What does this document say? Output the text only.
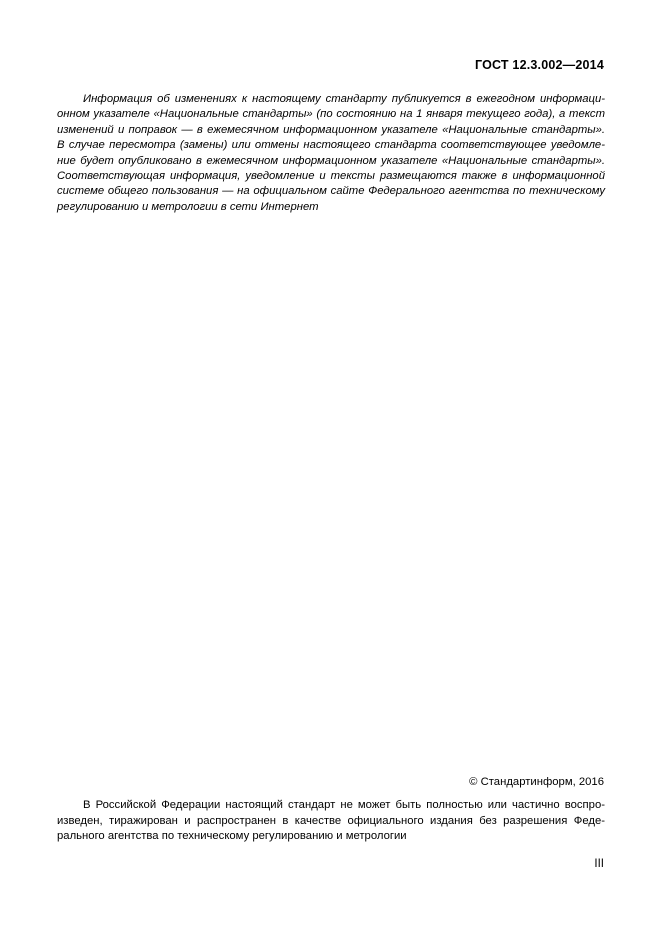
ГОСТ 12.3.002—2014

Информация об изменениях к настоящему стандарту публикуется в ежегодном информационном указателе «Национальные стандарты» (по состоянию на 1 января текущего года), а текст изменений и поправок — в ежемесячном информационном указателе «Национальные стандарты». В случае пересмотра (замены) или отмены настоящего стандарта соответствующее уведомление будет опубликовано в ежемесячном информационном указателе «Национальные стандарты». Соответствующая информация, уведомление и тексты размещаются также в информационной системе общего пользования — на официальном сайте Федерального агентства по техническому регулированию и метрологии в сети Интернет

© Стандартинформ, 2016

В Российской Федерации настоящий стандарт не может быть полностью или частично воспроизведен, тиражирован и распространен в качестве официального издания без разрешения Федерального агентства по техническому регулированию и метрологии

III
